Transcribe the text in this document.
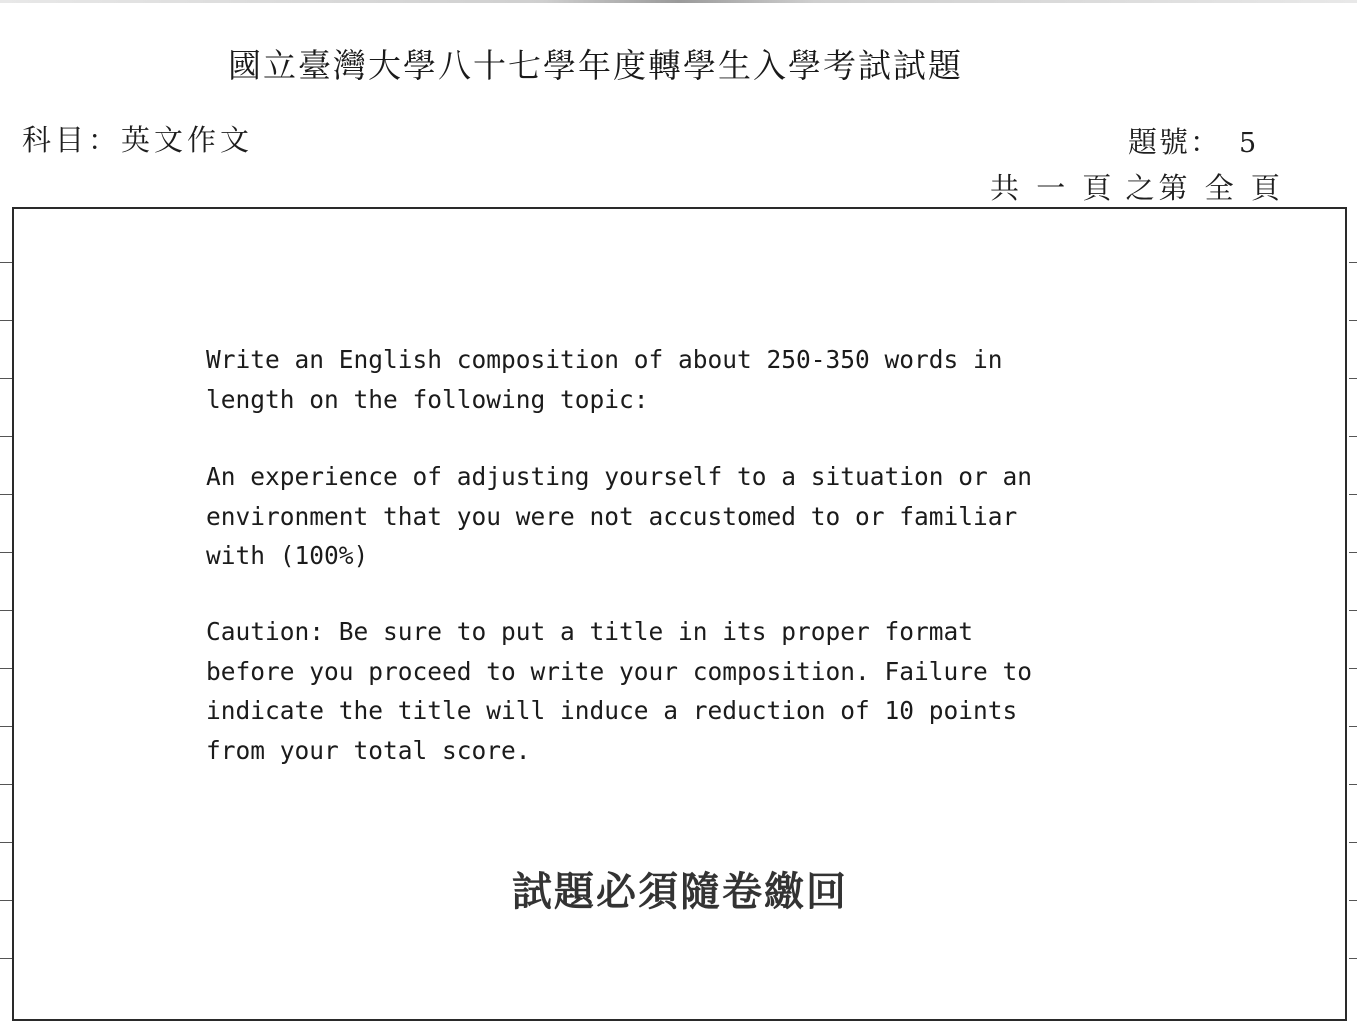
國立臺灣大學八十七學年度轉學生入學考試試題
科目：英文作文	題號： 5
共 一 頁 之第 全 頁
Write an English composition of about 250-350 words in
length on the following topic:
An experience of adjusting yourself to a situation or an
environment that you were not accustomed to or familiar
with (100%)
Caution: Be sure to put a title in its proper format
before you proceed to write your composition. Failure to
indicate the title will induce a reduction of 10 points
from your total score.
試題必須隨卷繳回
